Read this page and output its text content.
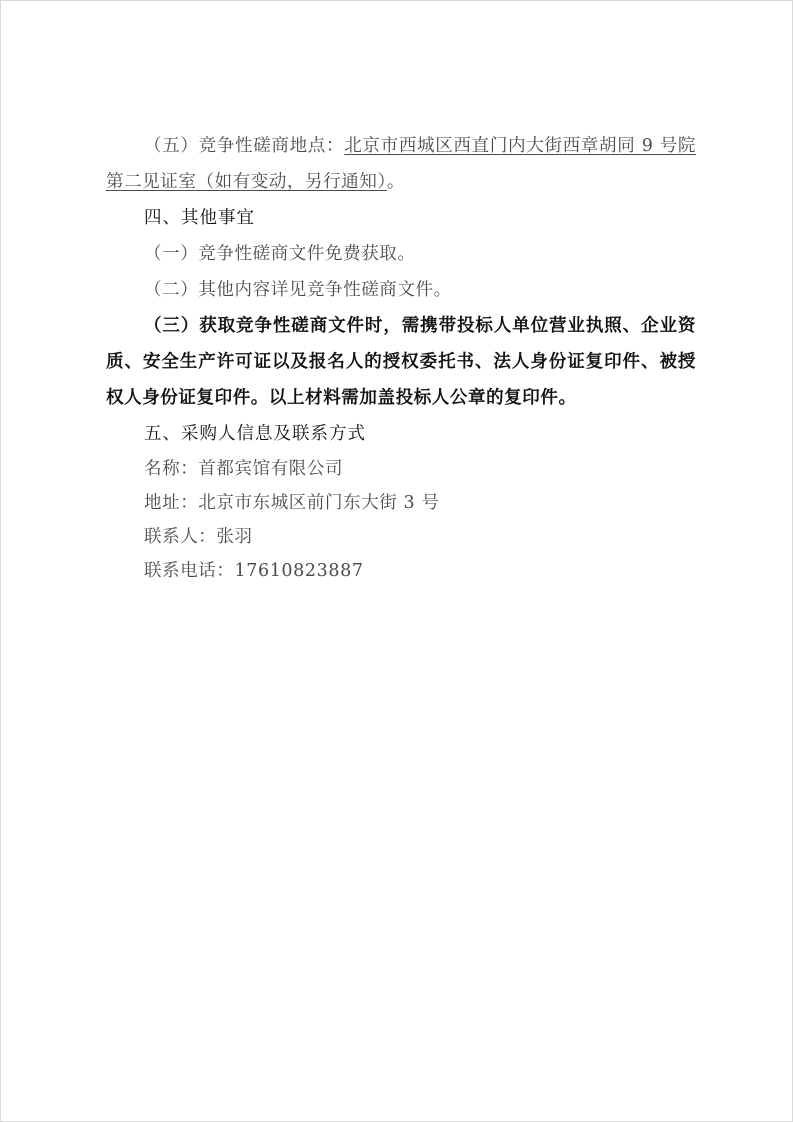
（五）竞争性磋商地点：北京市西城区西直门内大街西章胡同 9 号院第二见证室（如有变动，另行通知）。

四、其他事宜

（一）竞争性磋商文件免费获取。

（二）其他内容详见竞争性磋商文件。

（三）获取竞争性磋商文件时，需携带投标人单位营业执照、企业资质、安全生产许可证以及报名人的授权委托书、法人身份证复印件、被授权人身份证复印件。以上材料需加盖投标人公章的复印件。

五、采购人信息及联系方式

名称：首都宾馆有限公司

地址：北京市东城区前门东大街 3 号

联系人：张羽

联系电话：17610823887
